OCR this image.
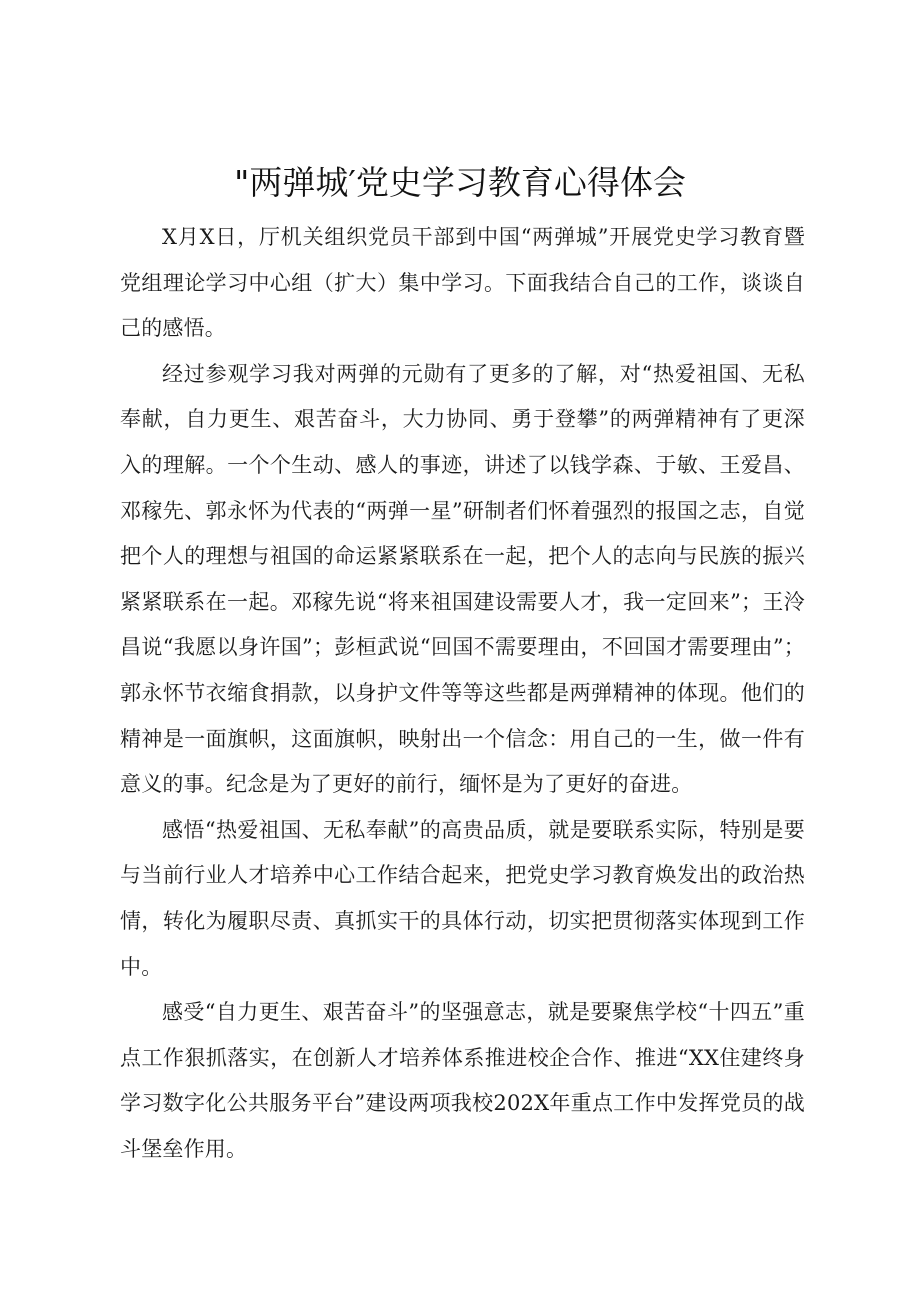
"两弹城′党史学习教育心得体会

X月X日，厅机关组织党员干部到中国“两弹城”开展党史学习教育暨党组理论学习中心组（扩大）集中学习。下面我结合自己的工作，谈谈自己的感悟。

经过参观学习我对两弹的元勋有了更多的了解，对“热爱祖国、无私奉献，自力更生、艰苦奋斗，大力协同、勇于登攀”的两弹精神有了更深入的理解。一个个生动、感人的事迹，讲述了以钱学森、于敏、王爱昌、邓稼先、郭永怀为代表的“两弹一星”研制者们怀着强烈的报国之志，自觉把个人的理想与祖国的命运紧紧联系在一起，把个人的志向与民族的振兴紧紧联系在一起。邓稼先说“将来祖国建设需要人才，我一定回来”；王泠昌说“我愿以身许国”；彭桓武说“回国不需要理由，不回国才需要理由”；郭永怀节衣缩食捐款，以身护文件等等这些都是两弹精神的体现。他们的精神是一面旗帜，这面旗帜，映射出一个信念：用自己的一生，做一件有意义的事。纪念是为了更好的前行，缅怀是为了更好的奋进。

感悟“热爱祖国、无私奉献”的高贵品质，就是要联系实际，特别是要与当前行业人才培养中心工作结合起来，把党史学习教育焕发出的政治热情，转化为履职尽责、真抓实干的具体行动，切实把贯彻落实体现到工作中。

感受“自力更生、艰苦奋斗”的坚强意志，就是要聚焦学校“十四五”重点工作狠抓落实，在创新人才培养体系推进校企合作、推进“XX住建终身学习数字化公共服务平台”建设两项我校202X年重点工作中发挥党员的战斗堡垒作用。
